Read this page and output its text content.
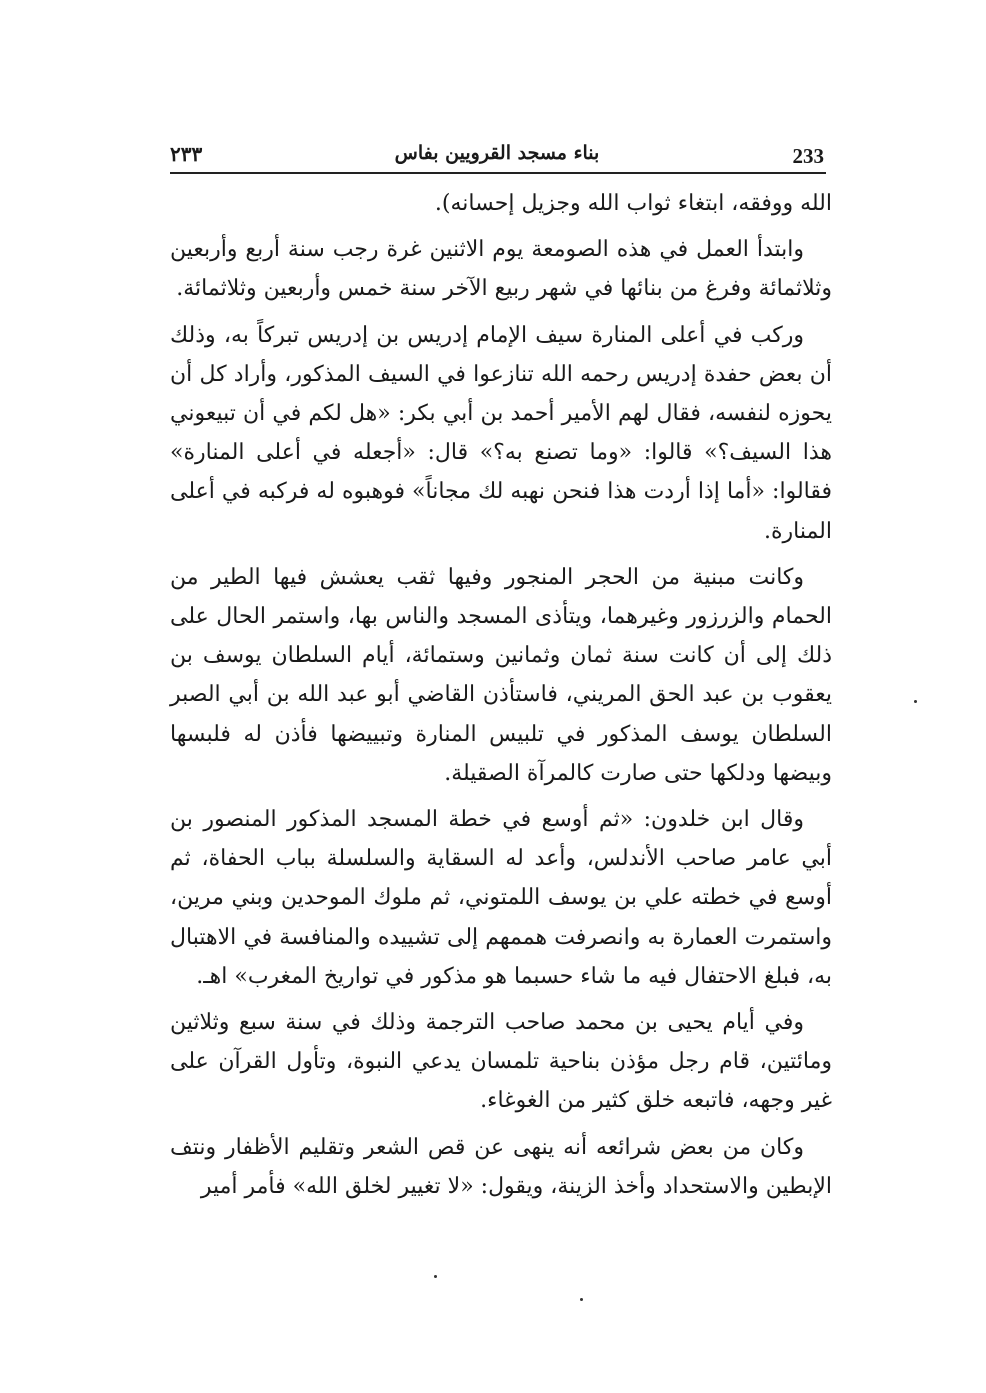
233
بناء مسجد القرويين بفاس
٢٣٣

الله ووفقه، ابتغاء ثواب الله وجزيل إحسانه).

وابتدأ العمل في هذه الصومعة يوم الاثنين غرة رجب سنة أربع وأربعين وثلاثمائة وفرغ من بنائها في شهر ربيع الآخر سنة خمس وأربعين وثلاثمائة.

وركب في أعلى المنارة سيف الإمام إدريس بن إدريس تبركاً به، وذلك أن بعض حفدة إدريس رحمه الله تنازعوا في السيف المذكور، وأراد كل أن يحوزه لنفسه، فقال لهم الأمير أحمد بن أبي بكر: «هل لكم في أن تبيعوني هذا السيف؟» قالوا: «وما تصنع به؟» قال: «أجعله في أعلى المنارة» فقالوا: «أما إذا أردت هذا فنحن نهبه لك مجاناً» فوهبوه له فركبه في أعلى المنارة.

وكانت مبنية من الحجر المنجور وفيها ثقب يعشش فيها الطير من الحمام والزرزور وغيرهما، ويتأذى المسجد والناس بها، واستمر الحال على ذلك إلى أن كانت سنة ثمان وثمانين وستمائة، أيام السلطان يوسف بن يعقوب بن عبد الحق المريني، فاستأذن القاضي أبو عبد الله بن أبي الصبر السلطان يوسف المذكور في تلبيس المنارة وتبييضها فأذن له فلبسها وبيضها ودلكها حتى صارت كالمرآة الصقيلة.

وقال ابن خلدون: «ثم أوسع في خطة المسجد المذكور المنصور بن أبي عامر صاحب الأندلس، وأعد له السقاية والسلسلة بباب الحفاة، ثم أوسع في خطته علي بن يوسف اللمتوني، ثم ملوك الموحدين وبني مرين، واستمرت العمارة به وانصرفت هممهم إلى تشييده والمنافسة في الاهتبال به، فبلغ الاحتفال فيه ما شاء حسبما هو مذكور في تواريخ المغرب» اهـ.

وفي أيام يحيى بن محمد صاحب الترجمة وذلك في سنة سبع وثلاثين ومائتين، قام رجل مؤذن بناحية تلمسان يدعي النبوة، وتأول القرآن على غير وجهه، فاتبعه خلق كثير من الغوغاء.

وكان من بعض شرائعه أنه ينهى عن قص الشعر وتقليم الأظفار ونتف الإبطين والاستحداد وأخذ الزينة، ويقول: «لا تغيير لخلق الله» فأمر أمير
